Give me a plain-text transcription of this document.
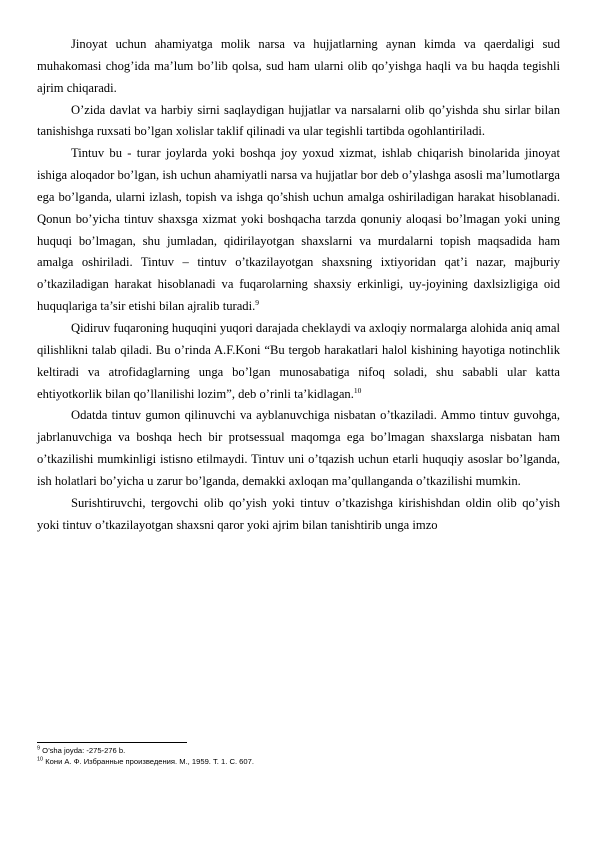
Jinoyat uchun ahamiyatga molik narsa va hujjatlarning aynan kimda va qaerdaligi sud muhakomasi chog’ida ma’lum bo’lib qolsa, sud ham ularni olib qo’yishga haqli va bu haqda tegishli ajrim chiqaradi.

O’zida davlat va harbiy sirni saqlaydigan hujjatlar va narsalarni olib qo’yishda shu sirlar bilan tanishishga ruxsati bo’lgan xolislar taklif qilinadi va ular tegishli tartibda ogohlantiriladi.

Tintuv bu - turar joylarda yoki boshqa joy yoxud xizmat, ishlab chiqarish binolarida jinoyat ishiga aloqador bo’lgan, ish uchun ahamiyatli narsa va hujjatlar bor deb o’ylashga asosli ma’lumotlarga ega bo’lganda, ularni izlash, topish va ishga qo’shish uchun amalga oshiriladigan harakat hisoblanadi. Qonun bo’yicha tintuv shaxsga xizmat yoki boshqacha tarzda qonuniy aloqasi bo’lmagan yoki uning huquqi bo’lmagan, shu jumladan, qidirilayotgan shaxslarni va murdalarni topish maqsadida ham amalga oshiriladi. Tintuv – tintuv o’tkazilayotgan shaxsning ixtiyoridan qat’i nazar, majburiy o’tkaziladigan harakat hisoblanadi va fuqarolarning shaxsiy erkinligi, uy-joyining daxlsizligiga oid huquqlariga ta’sir etishi bilan ajralib turadi.$^9$

Qidiruv fuqaroning huquqini yuqori darajada cheklaydi va axloqiy normalarga alohida aniq amal qilishlikni talab qiladi. Bu o’rinda A.F.Koni “Bu tergob harakatlari halol kishining hayotiga notinchlik keltiradi va atrofidaglarning unga bo’lgan munosabatiga nifoq soladi, shu sababli ular katta ehtiyotkorlik bilan qo’llanilishi lozim”, deb o’rinli ta’kidlagan.$^{10}$

Odatda tintuv gumon qilinuvchi va ayblanuvchiga nisbatan o’tkaziladi. Ammo tintuv guvohga, jabrlanuvchiga va boshqa hech bir protsessual maqomga ega bo’lmagan shaxslarga nisbatan ham o’tkazilishi mumkinligi istisno etilmaydi. Tintuv uni o’tqazish uchun etarli huquqiy asoslar bo’lganda, ish holatlari bo’yicha u zarur bo’lganda, demakki axloqan ma’qullanganda o’tkazilishi mumkin.

Surishtiruvchi, tergovchi olib qo’yish yoki tintuv o’tkazishga kirishishdan oldin olib qo’yish yoki tintuv o’tkazilayotgan shaxsni qaror yoki ajrim bilan tanishtirib unga imzo

$^9$ O’sha joyda: -275-276 b.

$^{10}$ Кони А. Ф. Избранные произведения. М., 1959. Т. 1. С. 607.
